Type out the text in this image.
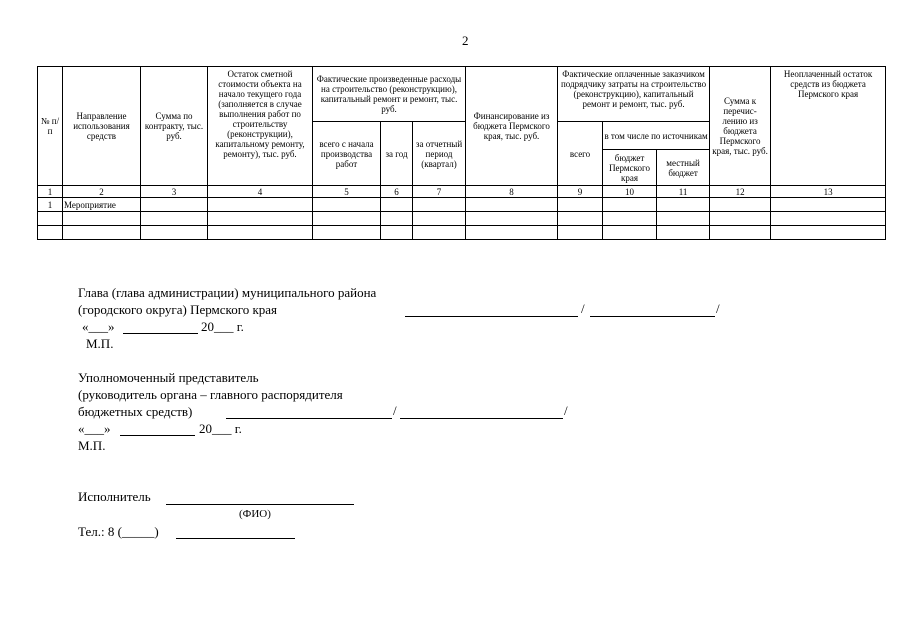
2
№ п/п	Направление использования средств	Сумма по контракту, тыс. руб.	Остаток сметной стоимости объекта на начало текущего года (заполняется в случае выполнения работ по строительству (реконструкции), капитальному ремонту, ремонту), тыс. руб.	Фактические произведенные расходы на строительство (реконструкцию), капитальный ремонт и ремонт, тыс. руб.			Финансирование из бюджета Пермского края, тыс. руб.	Фактические оплаченные заказчиком подрядчику затраты на строительство (реконструкцию), капитальный ремонт и ремонт, тыс. руб.			Сумма к перечис- лению из бюджета Пермского края, тыс. руб.	Неоплаченный остаток средств из бюджета Пермского края
				всего с начала производства работ	за год	за отчетный период (квартал)		всего	в том числе по источникам			
									бюджет Пермского края	местный бюджет		
1	2	3	4	5	6	7	8	9	10	11	12	13
1	Мероприятие											

Глава (глава администрации) муниципального района
(городского округа) Пермского края	/	/
«___»	20___ г.
М.П.
Уполномоченный представитель
(руководитель органа – главного распорядителя
бюджетных средств)	/	/
«___»	20___ г.
М.П.
Исполнитель
(ФИО)
Тел.: 8 (_____)
